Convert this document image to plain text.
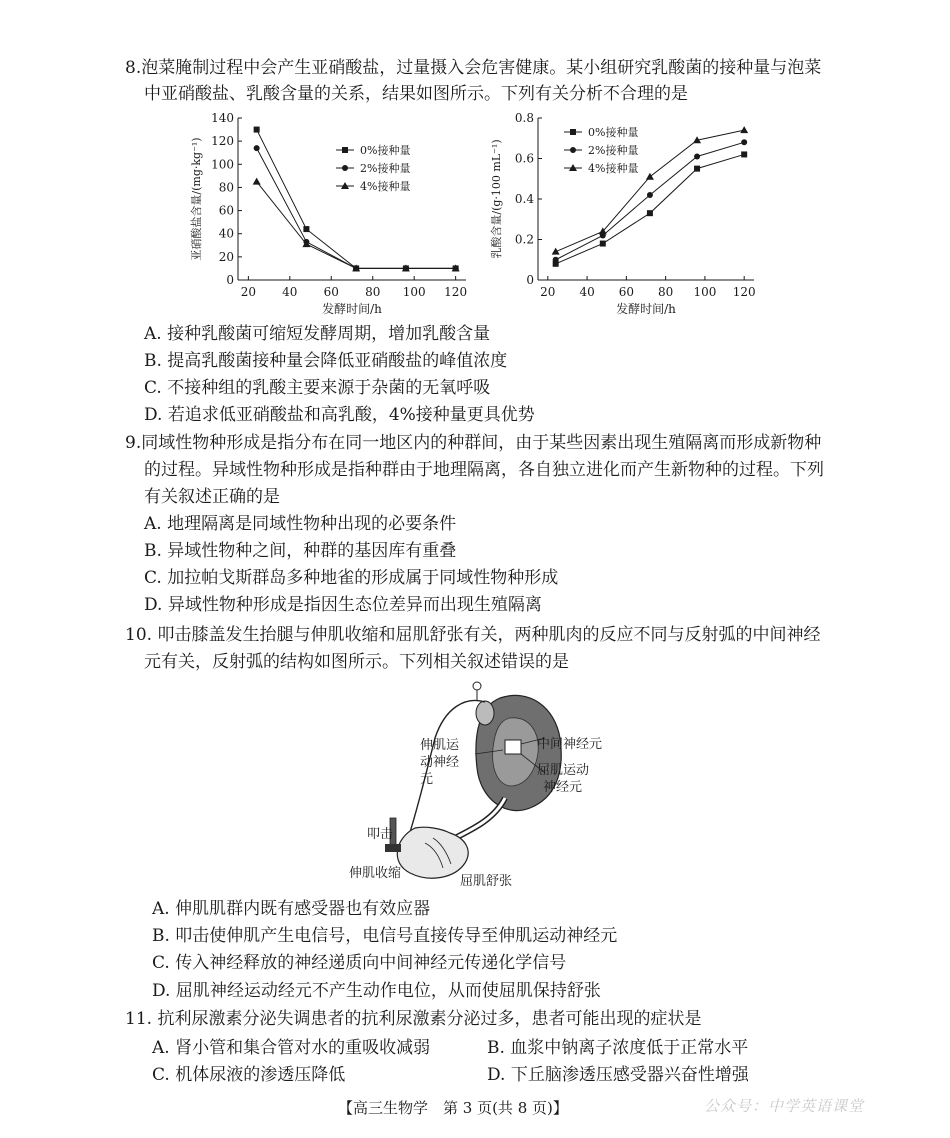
8.泡菜腌制过程中会产生亚硝酸盐，过量摄入会危害健康。某小组研究乳酸菌的接种量与泡菜
中亚硝酸盐、乳酸含量的关系，结果如图所示。下列有关分析不合理的是
0
20
40
60
80
100
120
140
20 40 60 80 100 120
发酵时间/h
亚硝酸盐含量/(mg·kg⁻¹)	0%接种量
2%接种量
4%接种量
0
0.2
0.4
0.6
0.8
20 40 60 80 100 120
发酵时间/h
乳酸含量/(g·100 mL⁻¹)
0%接种量
2%接种量
4%接种量
A. 接种乳酸菌可缩短发酵周期，增加乳酸含量
B. 提高乳酸菌接种量会降低亚硝酸盐的峰值浓度
C. 不接种组的乳酸主要来源于杂菌的无氧呼吸
D. 若追求低亚硝酸盐和高乳酸，4%接种量更具优势
9.同域性物种形成是指分布在同一地区内的种群间，由于某些因素出现生殖隔离而形成新物种
的过程。异域性物种形成是指种群由于地理隔离，各自独立进化而产生新物种的过程。下列
有关叙述正确的是
A. 地理隔离是同域性物种出现的必要条件
B. 异域性物种之间，种群的基因库有重叠
C. 加拉帕戈斯群岛多种地雀的形成属于同域性物种形成
D. 异域性物种形成是指因生态位差异而出现生殖隔离
10. 叩击膝盖发生抬腿与伸肌收缩和屈肌舒张有关，两种肌肉的反应不同与反射弧的中间神经
元有关，反射弧的结构如图所示。下列相关叙述错误的是
伸肌运
动神经
元
中间神经元
屈肌运动
神经元
叩击
伸肌收缩
屈肌舒张
A. 伸肌肌群内既有感受器也有效应器
B. 叩击使伸肌产生电信号，电信号直接传导至伸肌运动神经元
C. 传入神经释放的神经递质向中间神经元传递化学信号
D. 屈肌神经运动经元不产生动作电位，从而使屈肌保持舒张
11. 抗利尿激素分泌失调患者的抗利尿激素分泌过多，患者可能出现的症状是
A. 肾小管和集合管对水的重吸收减弱	B. 血浆中钠离子浓度低于正常水平
C. 机体尿液的渗透压降低	D. 下丘脑渗透压感受器兴奋性增强
【高三生物学　第 3 页(共 8 页)】	公众号：中学英语课堂
